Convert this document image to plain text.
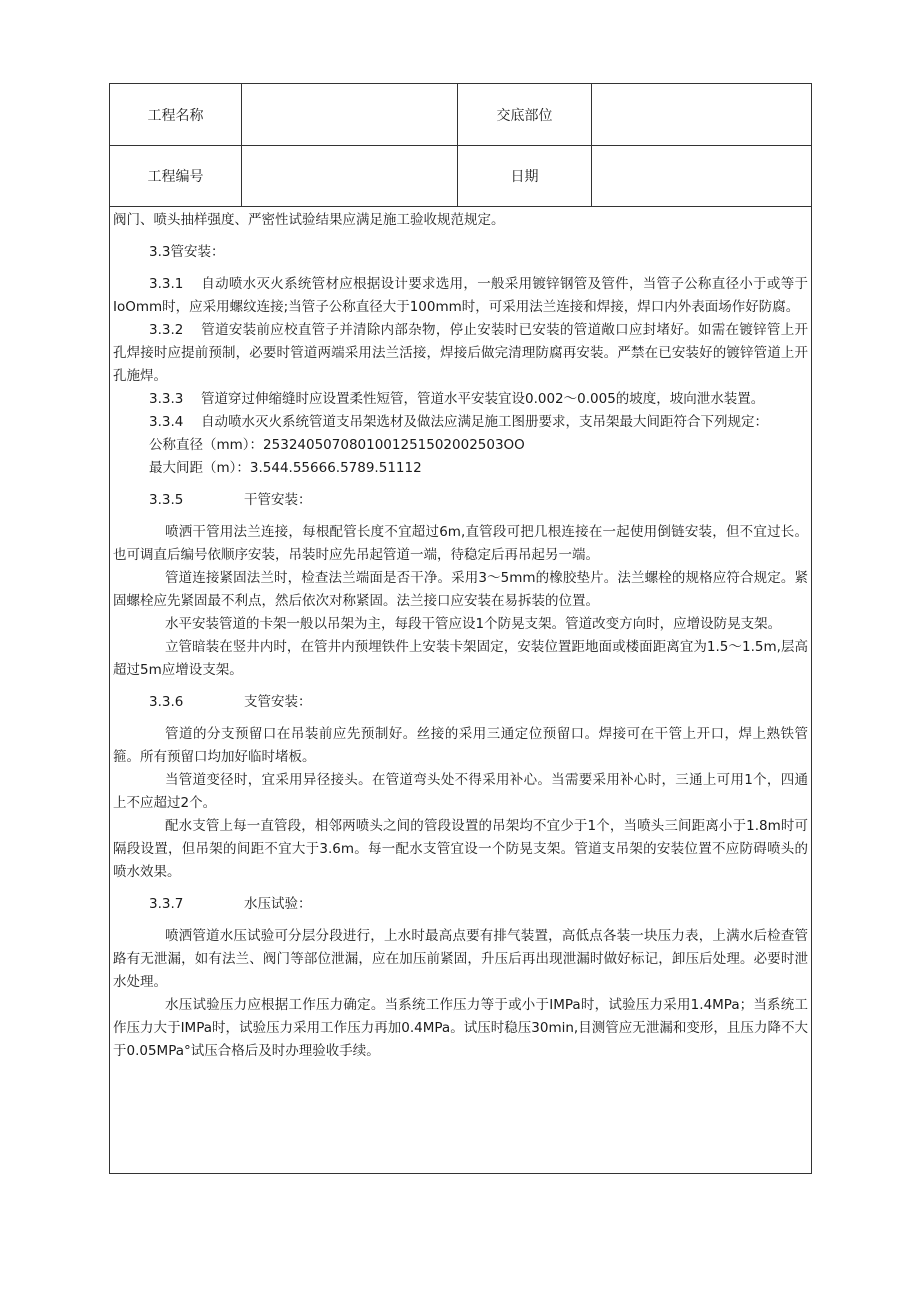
工程名称	交底部位
工程编号	日期

阀门、喷头抽样强度、严密性试验结果应满足施工验收规范规定。

3.3管安装：

3.3.1 自动喷水灭火系统管材应根据设计要求选用，一般采用镀锌钢管及管件，当管子公称直径小于或等于IoOmm时，应采用螺纹连接;当管子公称直径大于100mm时，可采用法兰连接和焊接，焊口内外表面场作好防腐。

3.3.2 管道安装前应校直管子并清除内部杂物，停止安装时已安装的管道敞口应封堵好。如需在镀锌管上开孔焊接时应提前预制，必要时管道两端采用法兰活接，焊接后做完清理防腐再安装。严禁在已安装好的镀锌管道上开孔施焊。

3.3.3 管道穿过伸缩缝时应设置柔性短管，管道水平安装宜设0.002～0.005的坡度，坡向泄水装置。

3.3.4 自动喷水灭火系统管道支吊架选材及做法应满足施工图册要求，支吊架最大间距符合下列规定：

公称直径（mm）：2532405070801001251502002503OO

最大间距（m）：3.544.55666.5789.51112

3.3.5	干管安装：

喷洒干管用法兰连接，每根配管长度不宜超过6m,直管段可把几根连接在一起使用倒链安装，但不宜过长。也可调直后编号依顺序安装，吊装时应先吊起管道一端，待稳定后再吊起另一端。

管道连接紧固法兰时，检查法兰端面是否干净。采用3～5mm的橡胶垫片。法兰螺栓的规格应符合规定。紧固螺栓应先紧固最不利点，然后依次对称紧固。法兰接口应安装在易拆装的位置。

水平安装管道的卡架一般以吊架为主，每段干管应设1个防晃支架。管道改变方向时，应增设防晃支架。

立管暗装在竖井内时，在管井内预埋铁件上安装卡架固定，安装位置距地面或楼面距离宜为1.5～1.5m,层高超过5m应增设支架。

3.3.6	支管安装：

管道的分支预留口在吊装前应先预制好。丝接的采用三通定位预留口。焊接可在干管上开口，焊上熟铁管箍。所有预留口均加好临时堵板。

当管道变径时，宜采用异径接头。在管道弯头处不得采用补心。当需要采用补心时，三通上可用1个，四通上不应超过2个。

配水支管上每一直管段，相邻两喷头之间的管段设置的吊架均不宜少于1个，当喷头三间距离小于1.8m时可隔段设置，但吊架的间距不宜大于3.6m。每一配水支管宜设一个防晃支架。管道支吊架的安装位置不应防碍喷头的喷水效果。

3.3.7	水压试验：

喷洒管道水压试验可分层分段进行，上水时最高点要有排气装置，高低点各装一块压力表，上满水后检查管路有无泄漏，如有法兰、阀门等部位泄漏，应在加压前紧固，升压后再出现泄漏时做好标记，卸压后处理。必要时泄水处理。

水压试验压力应根据工作压力确定。当系统工作压力等于或小于IMPa时，试验压力采用1.4MPa；当系统工作压力大于IMPa时，试验压力采用工作压力再加0.4MPa。试压时稳压30min,目测管应无泄漏和变形，且压力降不大于0.05MPa°试压合格后及时办理验收手续。
